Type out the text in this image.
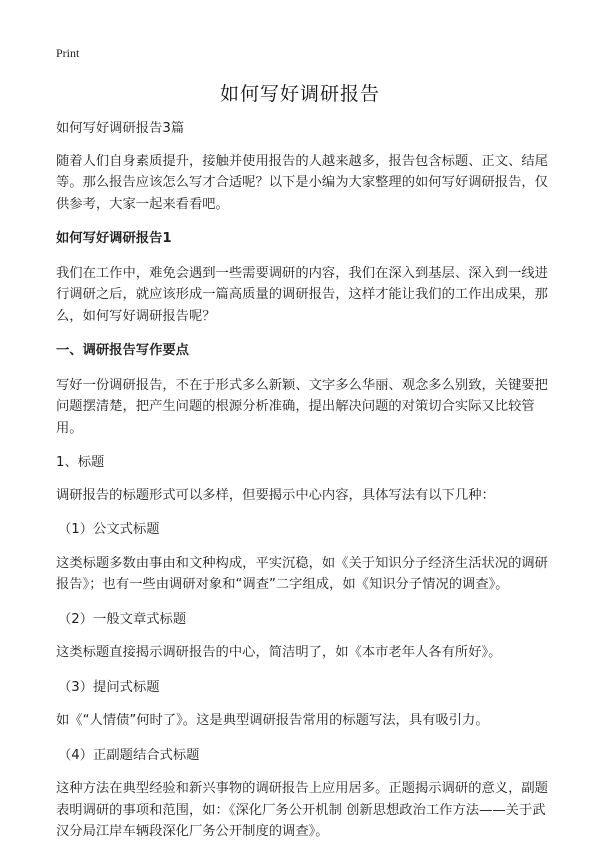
Print
如何写好调研报告

如何写好调研报告3篇

随着人们自身素质提升，接触并使用报告的人越来越多，报告包含标题、正文、结尾等。那么报告应该怎么写才合适呢？以下是小编为大家整理的如何写好调研报告，仅供参考，大家一起来看看吧。

如何写好调研报告1

我们在工作中，难免会遇到一些需要调研的内容，我们在深入到基层、深入到一线进行调研之后，就应该形成一篇高质量的调研报告，这样才能让我们的工作出成果，那么，如何写好调研报告呢？

一、调研报告写作要点

写好一份调研报告，不在于形式多么新颖、文字多么华丽、观念多么别致，关键要把问题摆清楚，把产生问题的根源分析准确，提出解决问题的对策切合实际又比较管用。

1、标题

调研报告的标题形式可以多样，但要揭示中心内容，具体写法有以下几种：

（1）公文式标题

这类标题多数由事由和文种构成，平实沉稳，如《关于知识分子经济生活状况的调研报告》；也有一些由调研对象和“调查”二字组成，如《知识分子情况的调查》。

（2）一般文章式标题

这类标题直接揭示调研报告的中心，简洁明了，如《本市老年人各有所好》。

（3）提问式标题

如《“人情债”何时了》。这是典型调研报告常用的标题写法，具有吸引力。

（4）正副题结合式标题

这种方法在典型经验和新兴事物的调研报告上应用居多。正题揭示调研的意义，副题表明调研的事项和范围，如：《深化厂务公开机制 创新思想政治工作方法——关于武汉分局江岸车辆段深化厂务公开制度的调查》。
